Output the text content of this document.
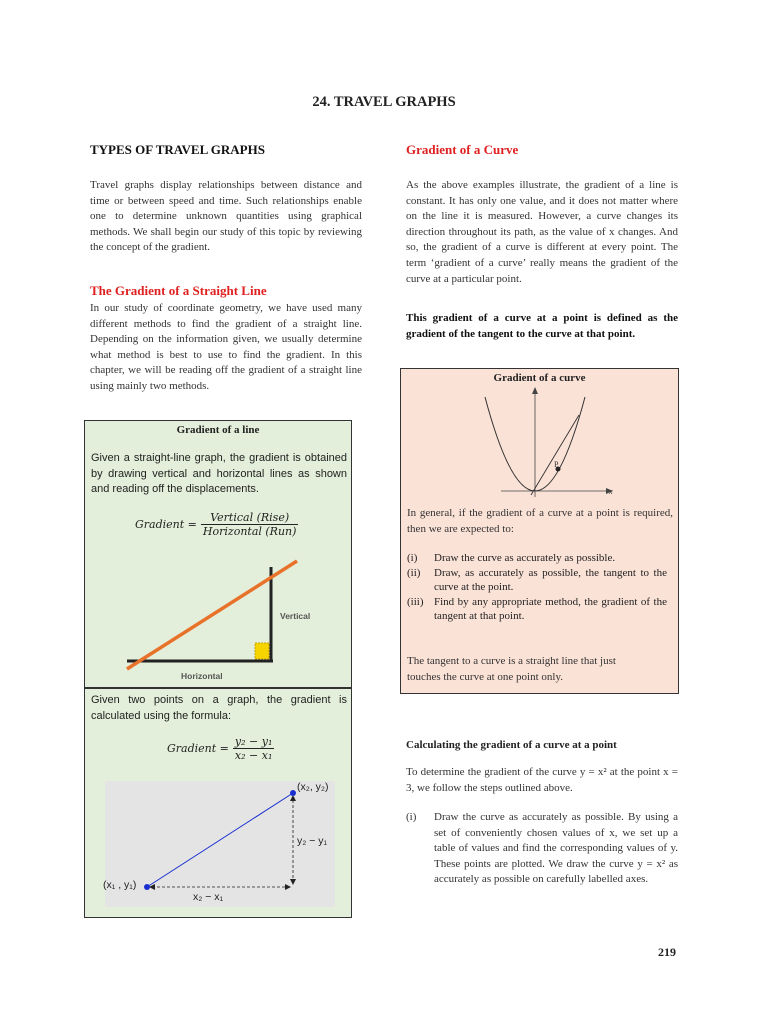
24. TRAVEL GRAPHS
TYPES OF TRAVEL GRAPHS
Travel graphs display relationships between distance and time or between speed and time. Such relationships enable one to determine unknown quantities using graphical methods. We shall begin our study of this topic by reviewing the concept of the gradient.
The Gradient of a Straight Line
In our study of coordinate geometry, we have used many different methods to find the gradient of a straight line. Depending on the information given, we usually determine what method is best to use to find the gradient. In this chapter, we will be reading off the gradient of a straight line using mainly two methods.
Gradient of a line
Given a straight-line graph, the gradient is obtained by drawing vertical and horizontal lines as shown and reading off the displacements.
Gradient =
Vertical (Rise)
Horizontal (Run)
Vertical
Horizontal
Given two points on a graph, the gradient is calculated using the formula:
Gradient = $\frac{\text{y₂ − y₁}}{\text{x₂ − x₁}}$
(x₁ , y₁)
(x₂, y₂)
y₂ − y₁
x₂ − x₁
Gradient of a Curve
As the above examples illustrate, the gradient of a line is constant. It has only one value, and it does not matter where on the line it is measured. However, a curve changes its direction throughout its path, as the value of x changes. And so, the gradient of a curve is different at every point. The term ‘gradient of a curve’ really means the gradient of the curve at a particular point.
This gradient of a curve at a point is defined as the gradient of the tangent to the curve at that point.
Gradient of a curve
P
x
In general, if the gradient of a curve at a point is required, then we are expected to:
(i)	Draw the curve as accurately as possible.
(ii)	Draw, as accurately as possible, the tangent to the curve at the point.
(iii) Find by any appropriate method, the gradient of the tangent at that point.
The tangent to a curve is a straight line that just touches the curve at one point only.
Calculating the gradient of a curve at a point
To determine the gradient of the curve y = x² at the point x = 3, we follow the steps outlined above.
(i)	Draw the curve as accurately as possible. By using a set of conveniently chosen values of x, we set up a table of values and find the corresponding values of y. These points are plotted. We draw the curve y = x² as accurately as possible on carefully labelled axes.
219
